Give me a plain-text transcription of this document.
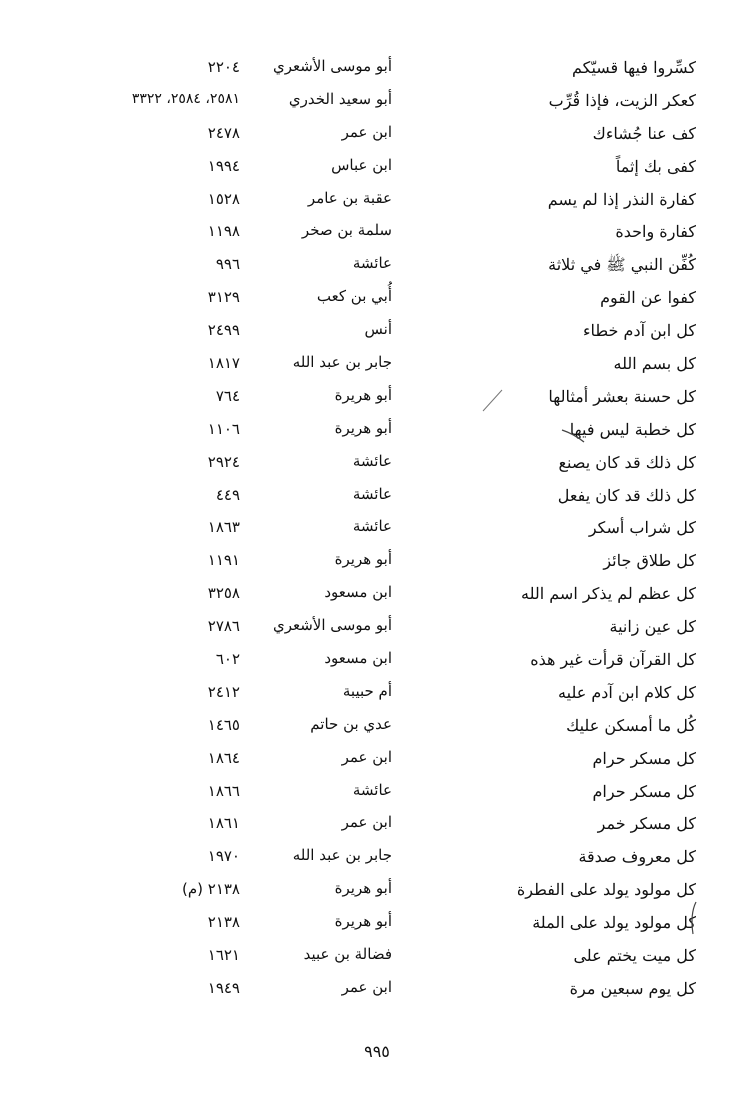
كسِّروا فيها قسيّكم
أبو موسى الأشعري
٢٢٠٤
كعكر الزيت، فإذا قُرِّب
أبو سعيد الخدري
٢٥٨١، ٢٥٨٤، ٣٣٢٢
كف عنا جُشاءك
ابن عمر
٢٤٧٨
كفى بك إثماً
ابن عباس
١٩٩٤
كفارة النذر إذا لم يسم
عقبة بن عامر
١٥٢٨
كفارة واحدة
سلمة بن صخر
١١٩٨
كُفِّن النبي ﷺ في ثلاثة
عائشة
٩٩٦
كفوا عن القوم
أُبي بن كعب
٣١٢٩
كل ابن آدم خطاء
أنس
٢٤٩٩
كل بسم الله
جابر بن عبد الله
١٨١٧
كل حسنة بعشر أمثالها
أبو هريرة
٧٦٤
كل خطبة ليس فيها
أبو هريرة
١١٠٦
كل ذلك قد كان يصنع
عائشة
٢٩٢٤
كل ذلك قد كان يفعل
عائشة
٤٤٩
كل شراب أسكر
عائشة
١٨٦٣
كل طلاق جائز
أبو هريرة
١١٩١
كل عظم لم يذكر اسم الله
ابن مسعود
٣٢٥٨
كل عين زانية
أبو موسى الأشعري
٢٧٨٦
كل القرآن قرأت غير هذه
ابن مسعود
٦٠٢
كل كلام ابن آدم عليه
أم حبيبة
٢٤١٢
كُل ما أمسكن عليك
عدي بن حاتم
١٤٦٥
كل مسكر حرام
ابن عمر
١٨٦٤
كل مسكر حرام
عائشة
١٨٦٦
كل مسكر خمر
ابن عمر
١٨٦١
كل معروف صدقة
جابر بن عبد الله
١٩٧٠
كل مولود يولد على الفطرة
أبو هريرة
٢١٣٨ (م)
كل مولود يولد على الملة
أبو هريرة
٢١٣٨
كل ميت يختم على
فضالة بن عبيد
١٦٢١
كل يوم سبعين مرة
ابن عمر
١٩٤٩
٩٩٥
